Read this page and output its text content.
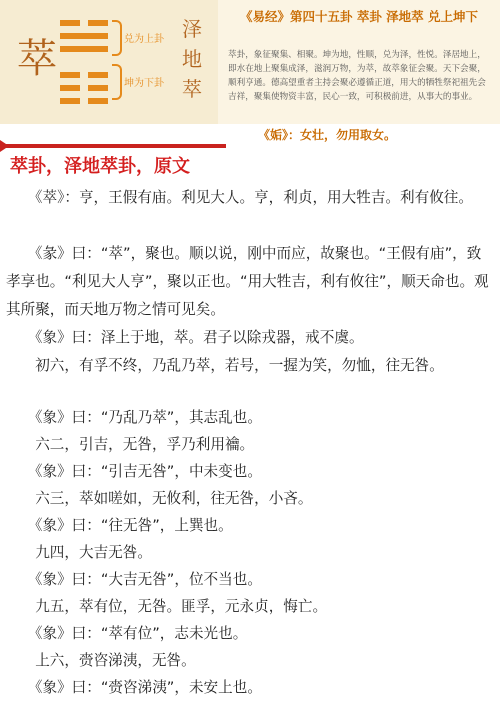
萃	兑为上卦
坤为下卦
泽
地
萃
《易经》第四十五卦 萃卦 泽地萃 兑上坤下
萃卦，象征聚集、相聚。坤为地，性顺，兑为泽，性悦。泽居地上，即水在地上聚集成泽，滋润万物，为萃，故萃象征会聚。天下会聚，顺利亨通。德高望重者主持会聚必遵循正道，用大的牺牲祭祀祖先会吉祥，聚集使物资丰富，民心一致，可积极前进，从事大的事业。
《姤》：女壮，勿用取女。
萃卦，泽地萃卦，原文
　　《萃》：亨，王假有庙。利见大人。亨，利贞，用大牲吉。利有攸往。
　　《彖》曰：“萃”，聚也。顺以说，刚中而应，故聚也。“王假有庙”，致孝享也。“利见大人亨”，聚以正也。“用大牲吉，利有攸往”，顺天命也。观其所聚，而天地万物之情可见矣。
　　《象》曰：泽上于地，萃。君子以除戎器，戒不虞。
　　初六，有孚不终，乃乱乃萃，若号，一握为笑，勿恤，往无咎。
　　《象》曰：“乃乱乃萃”，其志乱也。
　　六二，引吉，无咎，孚乃利用禴。
　　《象》曰：“引吉无咎”，中未变也。
　　六三，萃如嗟如，无攸利，往无咎，小吝。
　　《象》曰：“往无咎”，上巽也。
　　九四，大吉无咎。
　　《象》曰：“大吉无咎”，位不当也。
　　九五，萃有位，无咎。匪孚，元永贞，悔亡。
　　《象》曰：“萃有位”，志未光也。
　　上六，赍咨涕洟，无咎。
　　《象》曰：“赍咨涕洟”，未安上也。
